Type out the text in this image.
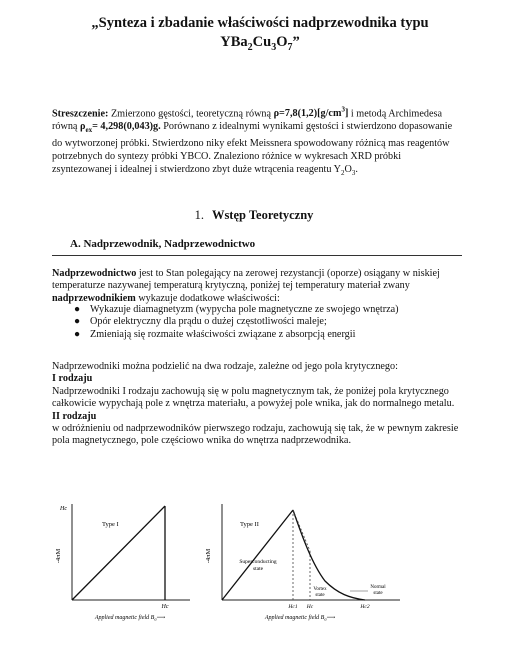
„Synteza i zbadanie właściwości nadprzewodnika typu
$YBa_2Cu_3O_7$”
Streszczenie: Zmierzono gęstości, teoretyczną równą $\rho=7,8(1,2)[g/cm^3]$ i metodą Archimedesa równą $\rho_{ex}= 4,298(0,043)g$. Porównano z idealnymi wynikami gęstości i stwierdzono dopasowanie do wytworzonej próbki. Stwierdzono niky efekt Meissnera spowodowany różnicą mas reagentów potrzebnych do syntezy próbki YBCO. Znaleziono różnice w wykresach XRD próbki zsyntezowanej i idealnej i stwierdzono zbyt duże wtrącenia reagentu $Y_2O_3$.
1. Wstęp Teoretyczny
A. Nadprzewodnik, Nadprzewodnictwo
Nadprzewodnictwo jest to Stan polegający na zerowej rezystancji (oporze) osiągany w niskiej temperaturze nazywanej temperaturą krytyczną, poniżej tej temperatury materiał zwany nadprzewodnikiem wykazuje dodatkowe właściwości:
● Wykazuje diamagnetyzm (wypycha pole magnetyczne ze swojego wnętrza)
● Opór elektryczny dla prądu o dużej częstotliwości maleje;
● Zmieniają się rozmaite właściwości związane z absorpcją energii
Nadprzewodniki można podzielić na dwa rodzaje, zależne od jego pola krytycznego:
I rodzaju
Nadprzewodniki I rodzaju zachowują się w polu magnetycznym tak, że poniżej pola krytycznego całkowicie wypychają pole z wnętrza materiału, a powyżej pole wnika, jak do normalnego metalu.
II rodzaju
w odróżnieniu od nadprzewodników pierwszego rodzaju, zachowują się tak, że w pewnym zakresie pola magnetycznego, pole częściowo wnika do wnętrza nadprzewodnika.
-4πM
Hc
Type I
Hc
Applied magnetic field $B_a⟶$
-4πM
Type II
Superconducting state
Vortex state
Normal state
Hc1 Hc	Hc2
Applied magnetic field $B_a⟶$
